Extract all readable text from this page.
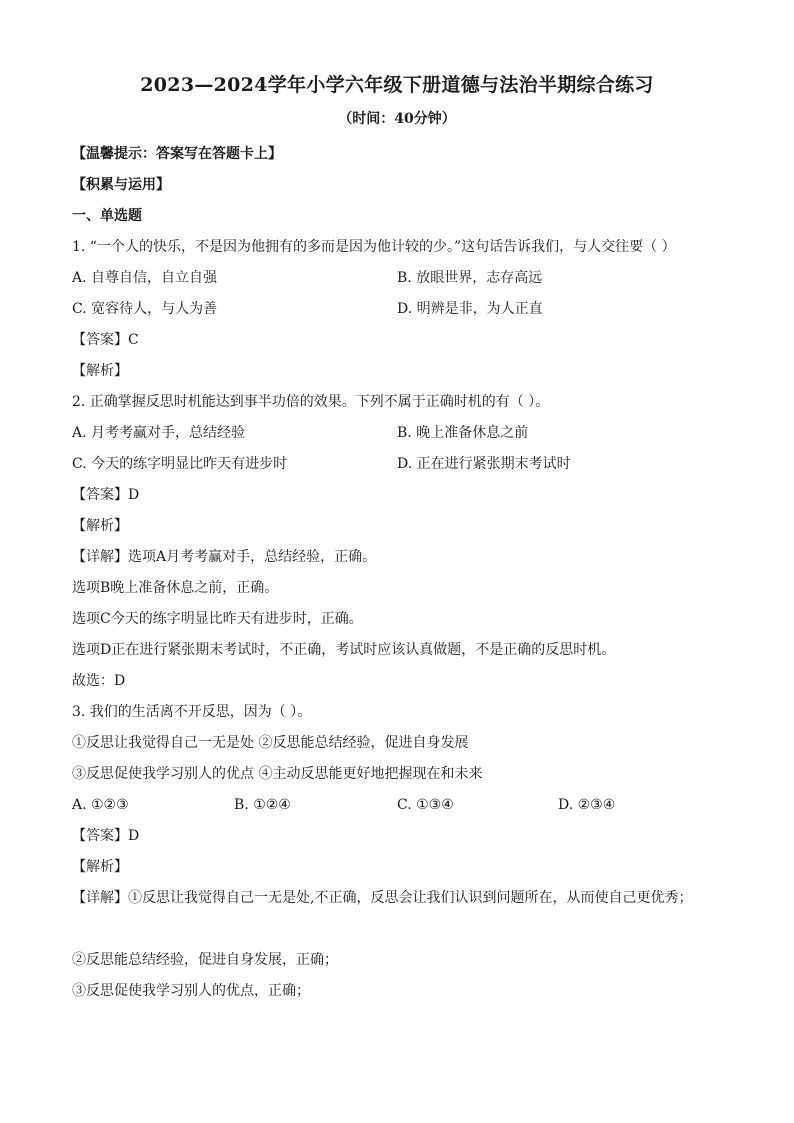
2023—2024学年小学六年级下册道德与法治半期综合练习
（时间：40分钟）
【温馨提示：答案写在答题卡上】
【积累与运用】
一、单选题
1. “一个人的快乐，不是因为他拥有的多而是因为他计较的少。”这句话告诉我们，与人交往要（ ）
A. 自尊自信，自立自强	B. 放眼世界，志存高远
C. 宽容待人，与人为善	D. 明辨是非，为人正直
【答案】C
【解析】
2. 正确掌握反思时机能达到事半功倍的效果。下列不属于正确时机的有（ ）。
A. 月考考赢对手，总结经验	B. 晚上准备休息之前
C. 今天的练字明显比昨天有进步时	D. 正在进行紧张期末考试时
【答案】D
【解析】
【详解】选项A月考考赢对手，总结经验，正确。
选项B晚上准备休息之前，正确。
选项C今天的练字明显比昨天有进步时，正确。
选项D正在进行紧张期末考试时，不正确，考试时应该认真做题，不是正确的反思时机。
故选：D
3. 我们的生活离不开反思，因为（ ）。
①反思让我觉得自己一无是处 ②反思能总结经验，促进自身发展
③反思促使我学习别人的优点 ④主动反思能更好地把握现在和未来
A. ①②③	B. ①②④	C. ①③④	D. ②③④
【答案】D
【解析】
【详解】①反思让我觉得自己一无是处,不正确，反思会让我们认识到问题所在，从而使自己更优秀；
②反思能总结经验，促进自身发展，正确；
③反思促使我学习别人的优点，正确；
